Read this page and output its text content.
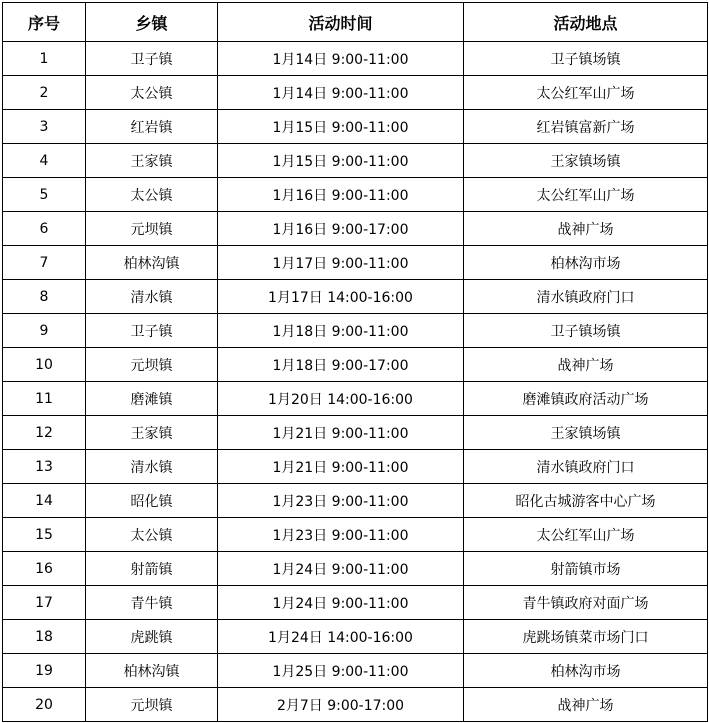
序号	乡镇	活动时间	活动地点
1	卫子镇	1月14日 9:00-11:00	卫子镇场镇
2	太公镇	1月14日 9:00-11:00	太公红军山广场
3	红岩镇	1月15日 9:00-11:00	红岩镇富新广场
4	王家镇	1月15日 9:00-11:00	王家镇场镇
5	太公镇	1月16日 9:00-11:00	太公红军山广场
6	元坝镇	1月16日 9:00-17:00	战神广场
7	柏林沟镇	1月17日 9:00-11:00	柏林沟市场
8	清水镇	1月17日 14:00-16:00	清水镇政府门口
9	卫子镇	1月18日 9:00-11:00	卫子镇场镇
10	元坝镇	1月18日 9:00-17:00	战神广场
11	磨滩镇	1月20日 14:00-16:00	磨滩镇政府活动广场
12	王家镇	1月21日 9:00-11:00	王家镇场镇
13	清水镇	1月21日 9:00-11:00	清水镇政府门口
14	昭化镇	1月23日 9:00-11:00	昭化古城游客中心广场
15	太公镇	1月23日 9:00-11:00	太公红军山广场
16	射箭镇	1月24日 9:00-11:00	射箭镇市场
17	青牛镇	1月24日 9:00-11:00	青牛镇政府对面广场
18	虎跳镇	1月24日 14:00-16:00	虎跳场镇菜市场门口
19	柏林沟镇	1月25日 9:00-11:00	柏林沟市场
20	元坝镇	2月7日 9:00-17:00	战神广场
